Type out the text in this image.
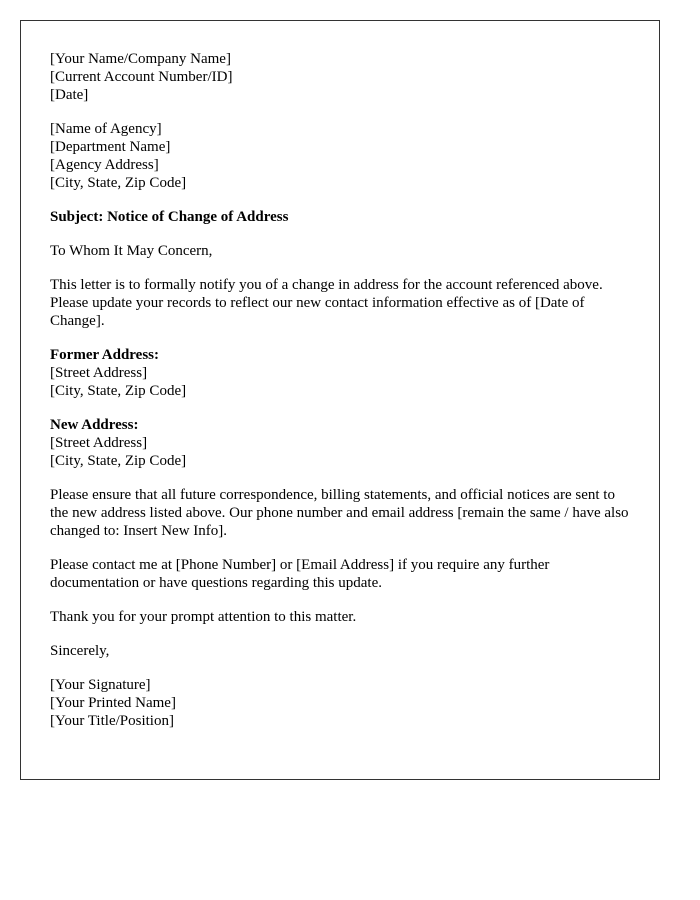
[Your Name/Company Name]
[Current Account Number/ID]
[Date]
[Name of Agency]
[Department Name]
[Agency Address]
[City, State, Zip Code]
Subject: Notice of Change of Address
To Whom It May Concern,
This letter is to formally notify you of a change in address for the account referenced above. Please update your records to reflect our new contact information effective as of [Date of Change].
Former Address:
[Street Address]
[City, State, Zip Code]
New Address:
[Street Address]
[City, State, Zip Code]
Please ensure that all future correspondence, billing statements, and official notices are sent to the new address listed above. Our phone number and email address [remain the same / have also changed to: Insert New Info].
Please contact me at [Phone Number] or [Email Address] if you require any further documentation or have questions regarding this update.
Thank you for your prompt attention to this matter.
Sincerely,
[Your Signature]
[Your Printed Name]
[Your Title/Position]
